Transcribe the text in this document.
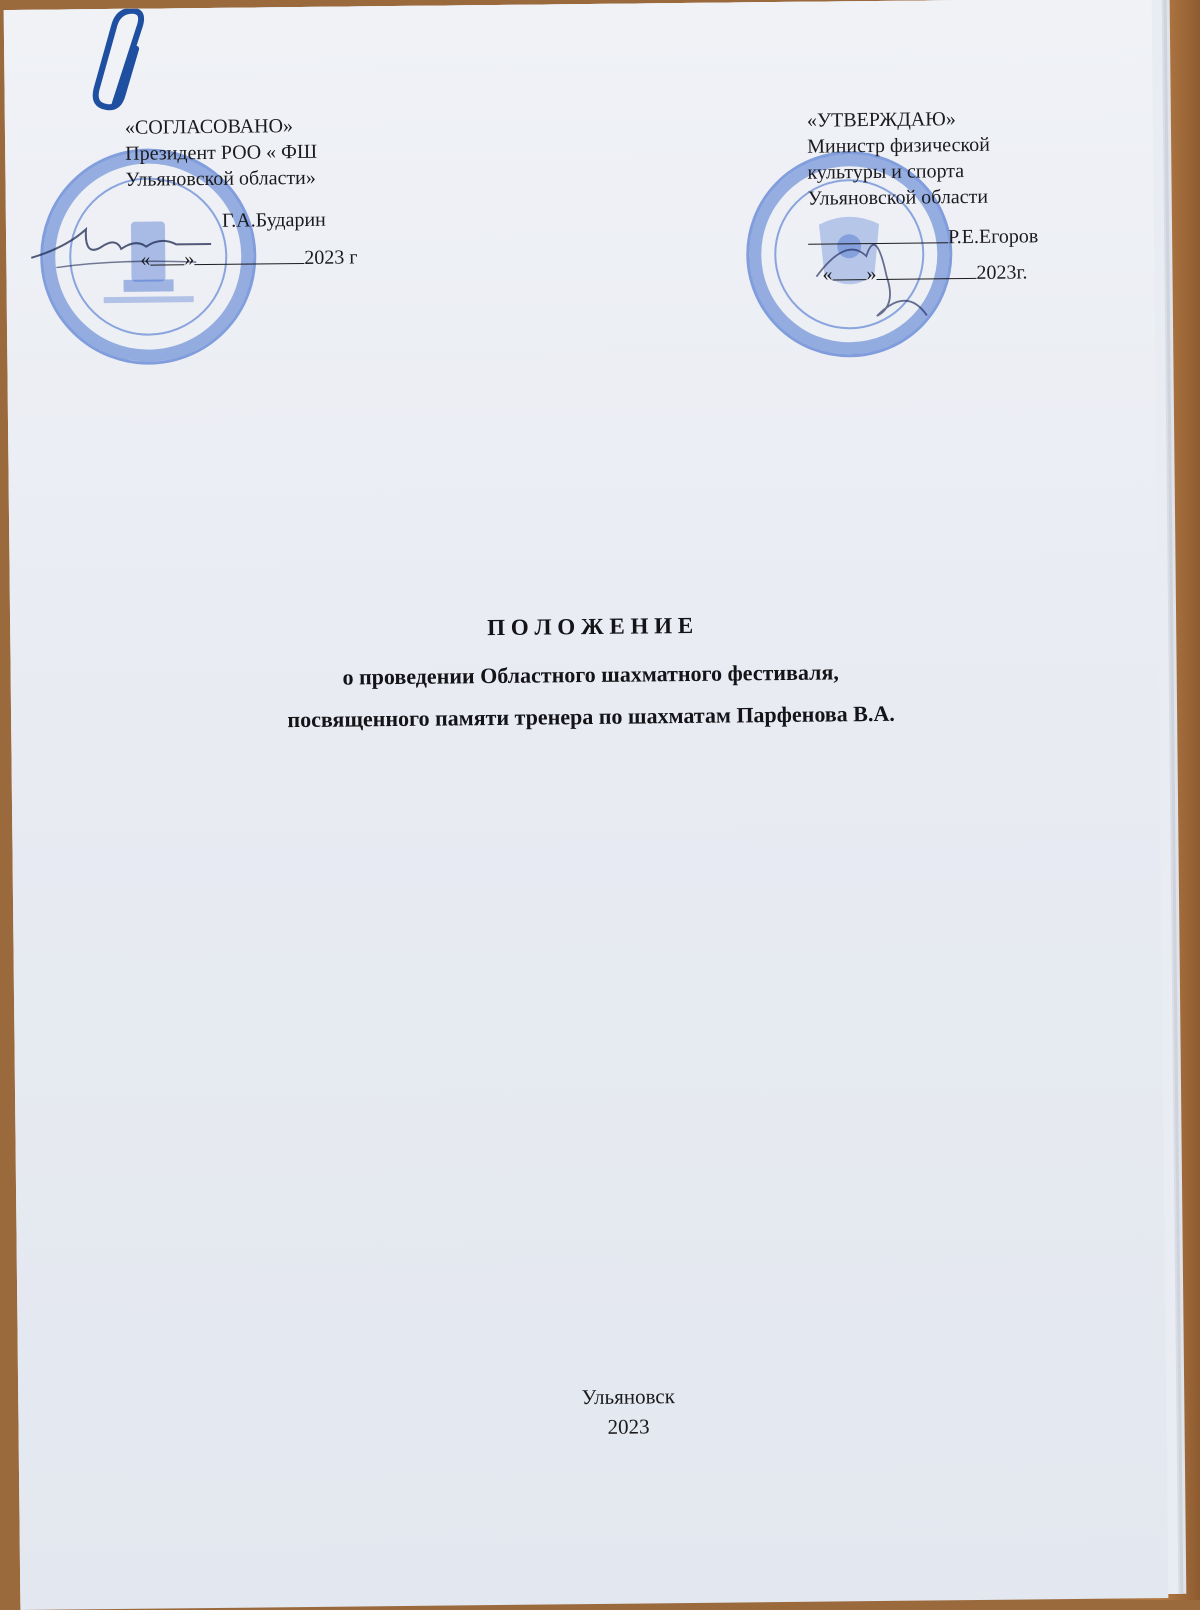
«СОГЛАСОВАНО»
Президент РОО « ФШ
Ульяновской области»
Г.А.Бударин
« »	2023 г
«УТВЕРЖДАЮ»
Министр физической
культуры и спорта
Ульяновской области
Р.Е.Егоров
« »	2023г.
П О Л О Ж Е Н И Е
о проведении Областного шахматного фестиваля,
посвященного памяти тренера по шахматам Парфенова В.А.
Ульяновск
2023
